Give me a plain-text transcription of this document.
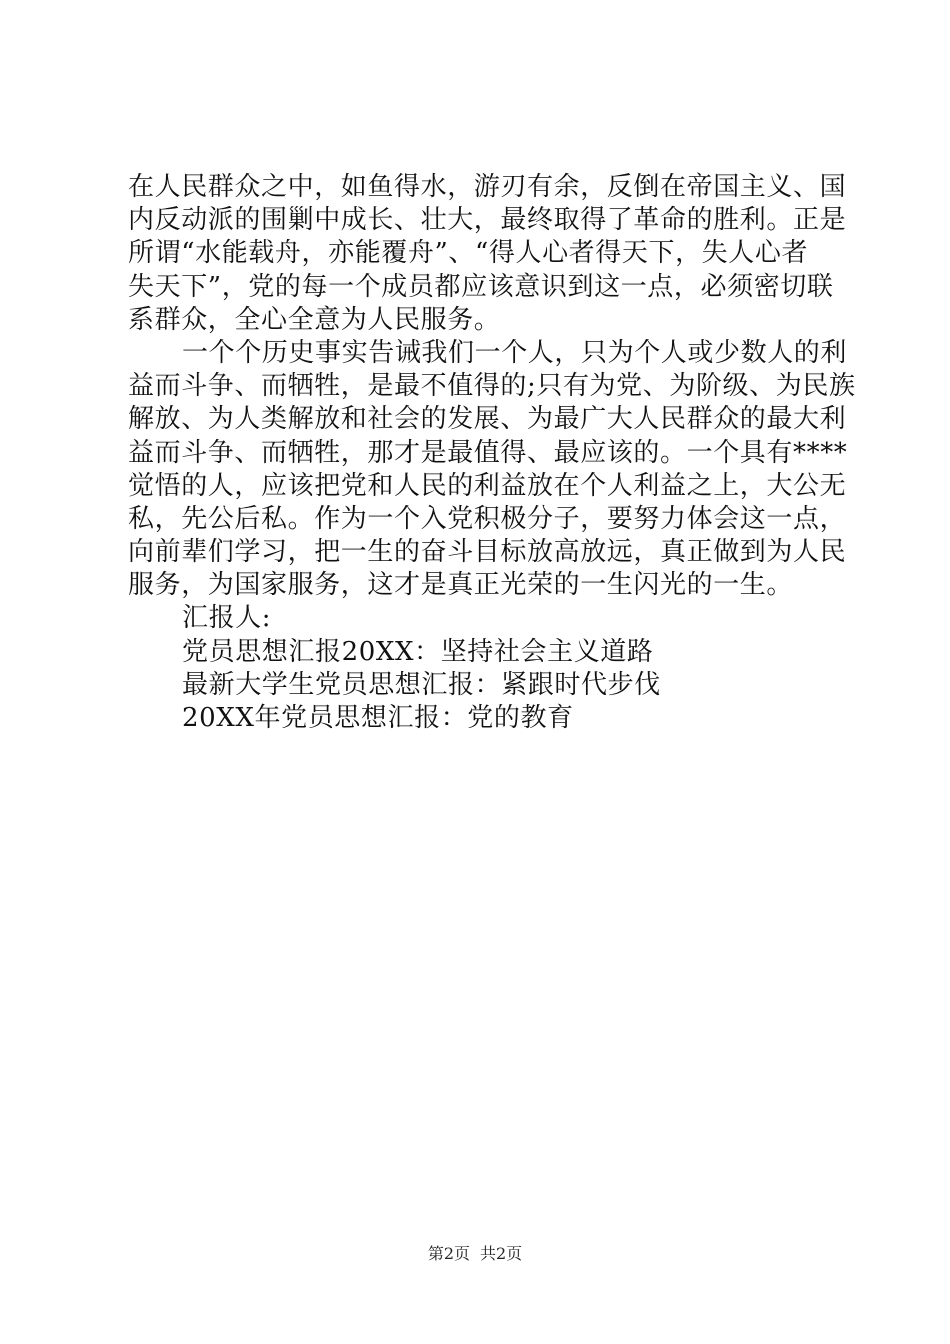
在人民群众之中，如鱼得水，游刃有余，反倒在帝国主义、国
内反动派的围剿中成长、壮大，最终取得了革命的胜利。正是
所谓“水能载舟，亦能覆舟”、“得人心者得天下，失人心者
失天下”，党的每一个成员都应该意识到这一点，必须密切联
系群众，全心全意为人民服务。
一个个历史事实告诫我们一个人，只为个人或少数人的利
益而斗争、而牺牲，是最不值得的;只有为党、为阶级、为民族
解放、为人类解放和社会的发展、为最广大人民群众的最大利
益而斗争、而牺牲，那才是最值得、最应该的。一个具有****
觉悟的人，应该把党和人民的利益放在个人利益之上，大公无
私，先公后私。作为一个入党积极分子，要努力体会这一点，
向前辈们学习，把一生的奋斗目标放高放远，真正做到为人民
服务，为国家服务，这才是真正光荣的一生闪光的一生。
汇报人:
党员思想汇报20XX：坚持社会主义道路
最新大学生党员思想汇报：紧跟时代步伐
20XX年党员思想汇报：党的教育
第2页 共2页
